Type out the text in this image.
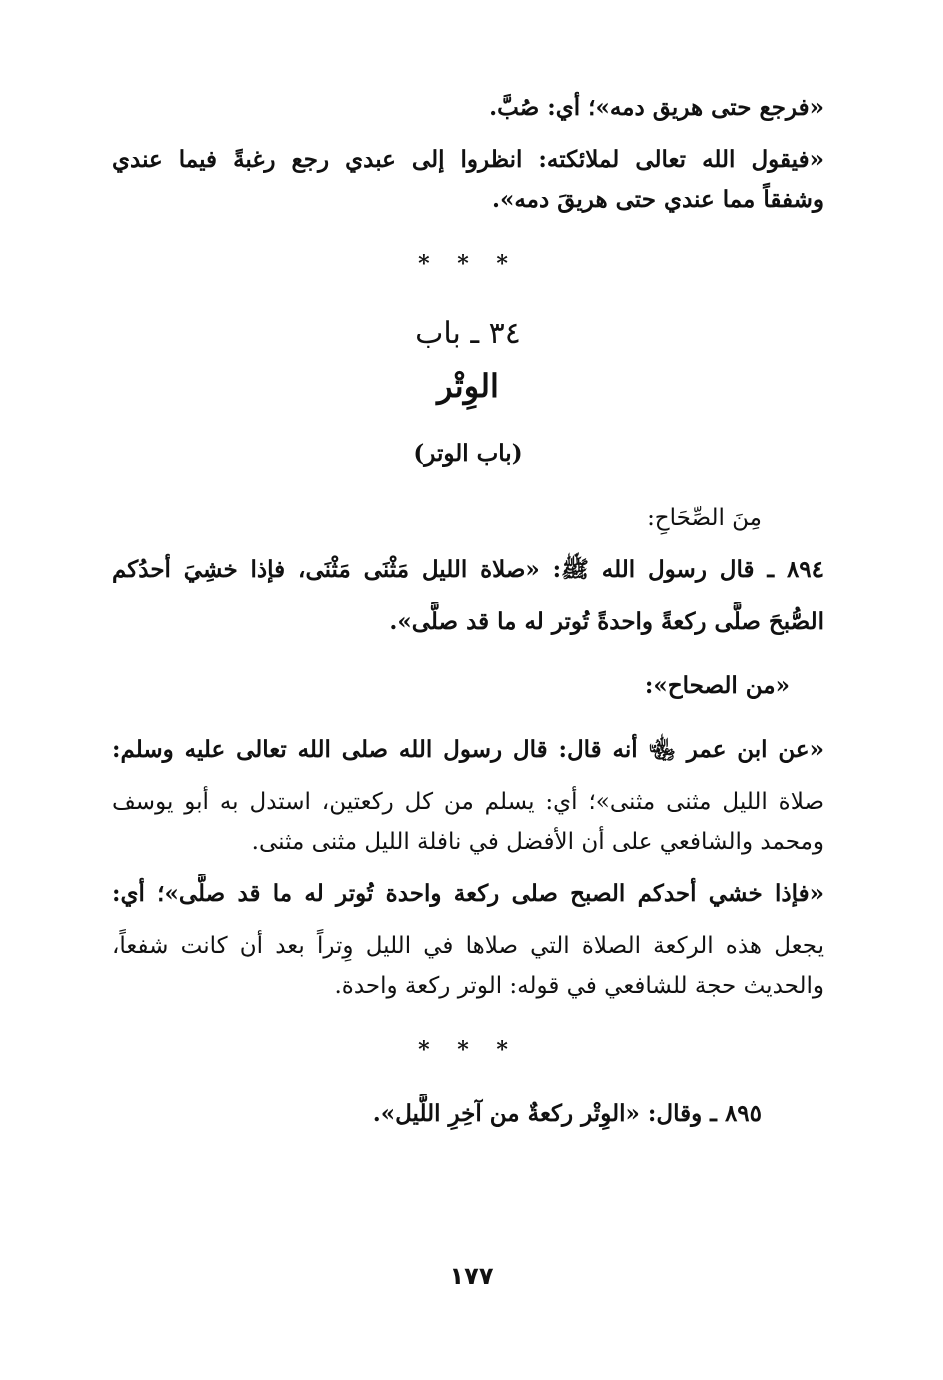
«فرجع حتى هريق دمه»؛ أي: صُبَّ.
«فيقول الله تعالى لملائكته: انظروا إلى عبدي رجع رغبةً فيما عندي
وشفقاً مما عندي حتى هريقَ دمه».
* * *
٣٤ ـ باب
الوِتْر
(باب الوتر)
مِنَ الصِّحَاحِ:
٨٩٤ ـ قال رسول الله ﷺ: «صلاة الليل مَثْنَى مَثْنَى، فإذا خشِيَ أحدُكم
الصُّبحَ صلَّى ركعةً واحدةً تُوتر له ما قد صلَّى».
«من الصحاح»:
«عن ابن عمر ﵄ أنه قال: قال رسول الله صلى الله تعالى عليه وسلم:
صلاة الليل مثنى مثنى»؛ أي: يسلم من كل ركعتين، استدل به أبو يوسف
ومحمد والشافعي على أن الأفضل في نافلة الليل مثنى مثنى.
«فإذا خشي أحدكم الصبح صلى ركعة واحدة تُوتر له ما قد صلَّى»؛ أي:
يجعل هذه الركعة الصلاة التي صلاها في الليل وِتراً بعد أن كانت شفعاً،
والحديث حجة للشافعي في قوله: الوتر ركعة واحدة.
* * *
٨٩٥ ـ وقال: «الوِتْر ركعةٌ من آخِرِ اللَّيل».
١٧٧
